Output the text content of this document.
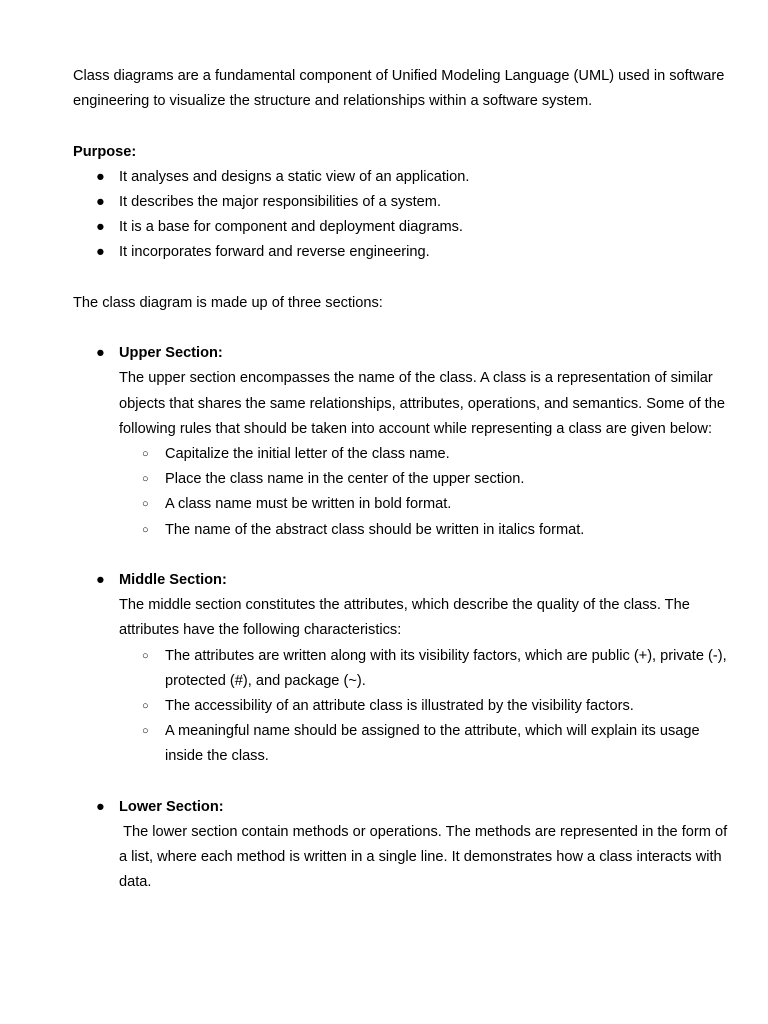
Class diagrams are a fundamental component of Unified Modeling Language (UML) used in software engineering to visualize the structure and relationships within a software system.

Purpose:

● It analyses and designs a static view of an application.
● It describes the major responsibilities of a system.
● It is a base for component and deployment diagrams.
● It incorporates forward and reverse engineering.

The class diagram is made up of three sections:

● Upper Section:

The upper section encompasses the name of the class. A class is a representation of similar objects that shares the same relationships, attributes, operations, and semantics. Some of the following rules that should be taken into account while representing a class are given below:

○ Capitalize the initial letter of the class name.
○ Place the class name in the center of the upper section.
○ A class name must be written in bold format.
○ The name of the abstract class should be written in italics format.
● Middle Section:

The middle section constitutes the attributes, which describe the quality of the class. The attributes have the following characteristics:

○ The attributes are written along with its visibility factors, which are public (+), private (-), protected (#), and package (~).
○ The accessibility of an attribute class is illustrated by the visibility factors.
○ A meaningful name should be assigned to the attribute, which will explain its usage inside the class.
● Lower Section:

The lower section contain methods or operations. The methods are represented in the form of a list, where each method is written in a single line. It demonstrates how a class interacts with data.
